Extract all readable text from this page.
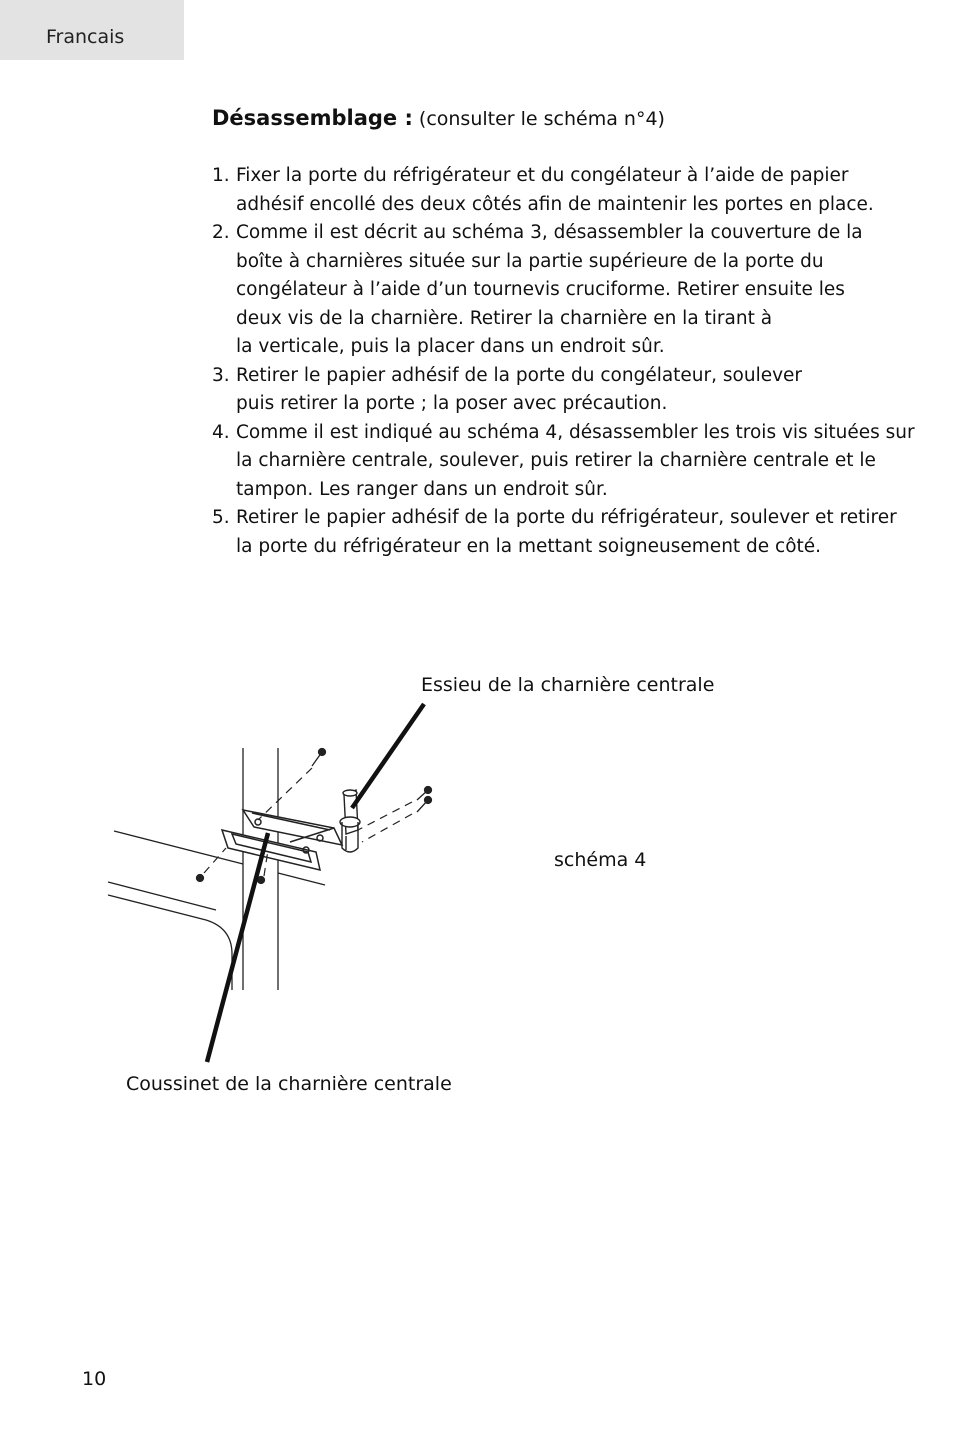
Francais
Désassemblage : (consulter le schéma n°4)
1. Fixer la porte du réfrigérateur et du congélateur à l’aide de papier
adhésif encollé des deux côtés afin de maintenir les portes en place.
2. Comme il est décrit au schéma 3, désassembler la couverture de la
boîte à charnières située sur la partie supérieure de la porte du
congélateur à l’aide d’un tournevis cruciforme. Retirer ensuite les
deux vis de la charnière. Retirer la charnière en la tirant à
la verticale, puis la placer dans un endroit sûr.
3. Retirer le papier adhésif de la porte du congélateur, soulever
puis retirer la porte ; la poser avec précaution.
4. Comme il est indiqué au schéma 4, désassembler les trois vis situées sur
la charnière centrale, soulever, puis retirer la charnière centrale et le
tampon. Les ranger dans un endroit sûr.
5. Retirer le papier adhésif de la porte du réfrigérateur, soulever et retirer
la porte du réfrigérateur en la mettant soigneusement de côté.
Essieu de la charnière centrale
schéma 4
Coussinet de la charnière centrale
10
